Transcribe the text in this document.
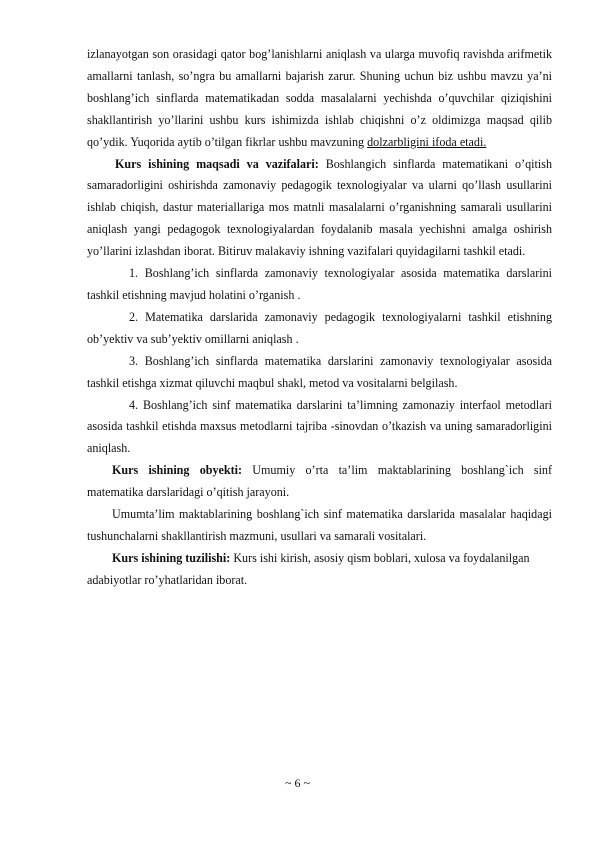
izlanayotgan son orasidagi qator bog’lanishlarni aniqlash va ularga muvofiq ravishda arifmetik amallarni tanlash, so’ngra bu amallarni bajarish zarur. Shuning uchun biz ushbu mavzu ya’ni boshlang’ich sinflarda matematikadan sodda masalalarni yechishda o’quvchilar qiziqishini shakllantirish yo’llarini ushbu kurs ishimizda ishlab chiqishni o’z oldimizga maqsad qilib qo’ydik. Yuqorida aytib o’tilgan fikrlar ushbu mavzuning dolzarbligini ifoda etadi.

Kurs ishining maqsadi va vazifalari: Boshlangich sinflarda matematikani o’qitish samaradorligini oshirishda zamonaviy pedagogik texnologiyalar va ularni qo’llash usullarini ishlab chiqish, dastur materiallariga mos matnli masalalarni o’rganishning samarali usullarini aniqlash yangi pedagogok texnologiyalardan foydalanib masala yechishni amalga oshirish yo’llarini izlashdan iborat. Bitiruv malakaviy ishning vazifalari quyidagilarni tashkil etadi.

1. Boshlang’ich sinflarda zamonaviy texnologiyalar asosida matematika darslarini tashkil etishning mavjud holatini o’rganish .

2. Matematika darslarida zamonaviy pedagogik texnologiyalarni tashkil etishning ob’yektiv va sub’yektiv omillarni aniqlash .

3. Boshlang’ich sinflarda matematika darslarini zamonaviy texnologiyalar asosida tashkil etishga xizmat qiluvchi maqbul shakl, metod va vositalarni belgilash.

4. Boshlang’ich sinf matematika darslarini ta’limning zamonaziy interfaol metodlari asosida tashkil etishda maxsus metodlarni tajriba -sinovdan o’tkazish va uning samaradorligini aniqlash.

Kurs ishining obyekti: Umumiy o’rta ta’lim maktablarining boshlang`ich sinf matematika darslaridagi o’qitish jarayoni.

Umumta’lim maktablarining boshlang`ich sinf matematika darslarida masalalar haqidagi tushunchalarni shakllantirish mazmuni, usullari va samarali vositalari.

Kurs ishining tuzilishi: Kurs ishi kirish, asosiy qism boblari, xulosa va foydalanilgan adabiyotlar ro’yhatlaridan iborat.

~ 6 ~
